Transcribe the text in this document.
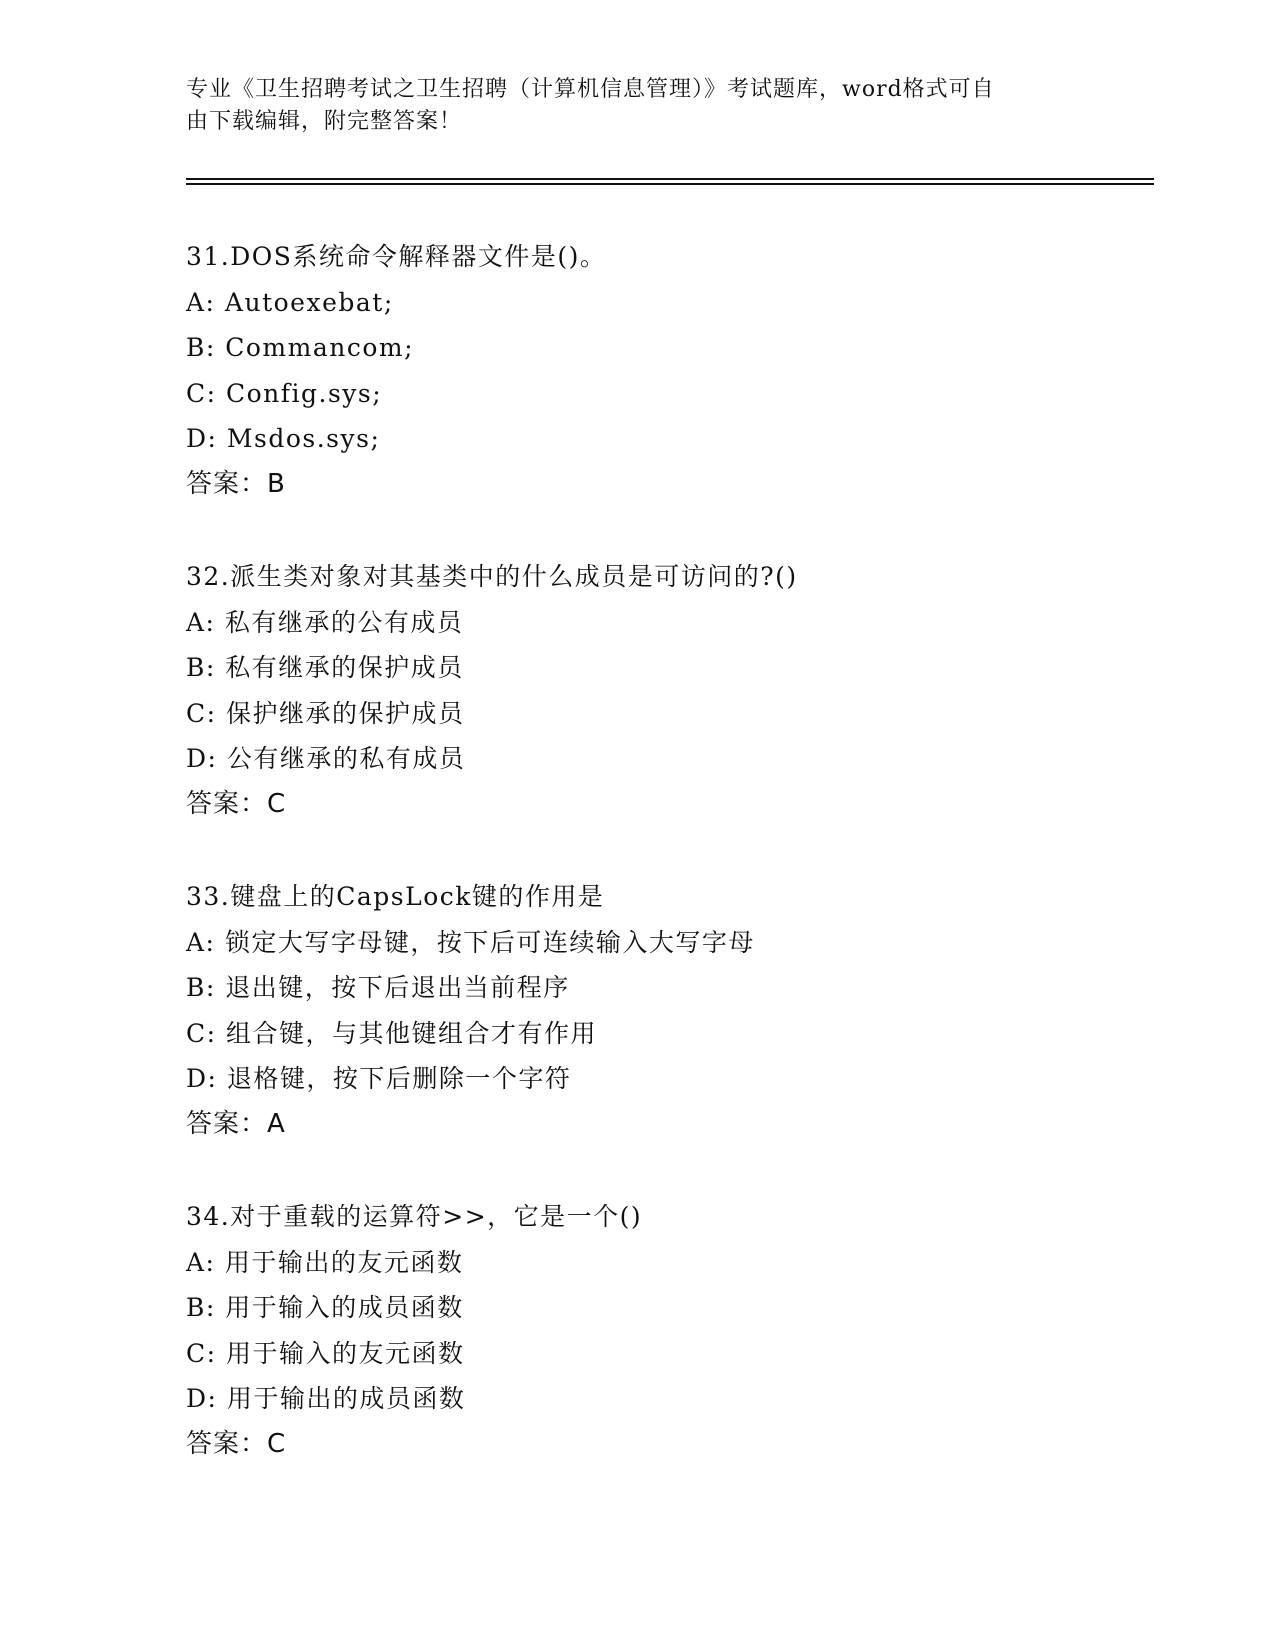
专业《卫生招聘考试之卫生招聘（计算机信息管理）》考试题库，word格式可自
由下载编辑，附完整答案！
31.DOS系统命令解释器文件是()。
A: Autoexebat;
B: Commancom;
C: Config.sys;
D: Msdos.sys;
答案：B
32.派生类对象对其基类中的什么成员是可访问的?()
A: 私有继承的公有成员
B: 私有继承的保护成员
C: 保护继承的保护成员
D: 公有继承的私有成员
答案：C
33.键盘上的CapsLock键的作用是
A: 锁定大写字母键，按下后可连续输入大写字母
B: 退出键，按下后退出当前程序
C: 组合键，与其他键组合才有作用
D: 退格键，按下后删除一个字符
答案：A
34.对于重载的运算符>>，它是一个()
A: 用于输出的友元函数
B: 用于输入的成员函数
C: 用于输入的友元函数
D: 用于输出的成员函数
答案：C
